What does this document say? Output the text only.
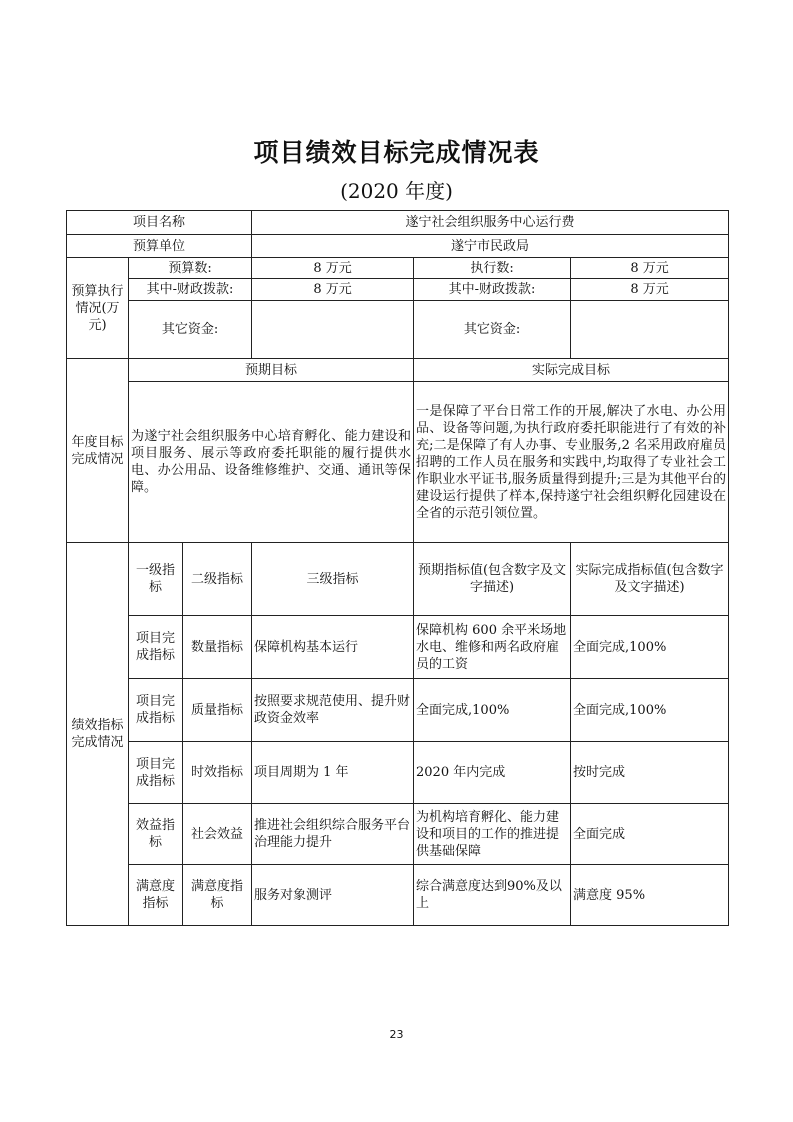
项目绩效目标完成情况表
(2020 年度)
项目名称			遂宁社会组织服务中心运行费		
预算单位			遂宁市民政局		
预算执行情况(万元)	预算数:		8 万元	执行数:	8 万元
	其中-财政拨款:		8 万元	其中-财政拨款:	8 万元
	其它资金:			其它资金:	
年度目标完成情况	预期目标			实际完成目标	
	为遂宁社会组织服务中心培育孵化、能力建设和项目服务、展示等政府委托职能的履行提供水电、办公用品、设备维修维护、交通、通讯等保障。			一是保障了平台日常工作的开展,解决了水电、办公用品、设备等问题,为执行政府委托职能进行了有效的补充;二是保障了有人办事、专业服务,2 名采用政府雇员招聘的工作人员在服务和实践中,均取得了专业社会工作职业水平证书,服务质量得到提升;三是为其他平台的建设运行提供了样本,保持遂宁社会组织孵化园建设在全省的示范引领位置。	
绩效指标完成情况	一级指标	二级指标	三级指标	预期指标值(包含数字及文字描述)	实际完成指标值(包含数字及文字描述)
	项目完成指标	数量指标	保障机构基本运行	保障机构 600 余平米场地水电、维修和两名政府雇员的工资	全面完成,100%
	项目完成指标	质量指标	按照要求规范使用、提升财政资金效率	全面完成,100%	全面完成,100%
	项目完成指标	时效指标	项目周期为 1 年	2020 年内完成	按时完成
	效益指标	社会效益	推进社会组织综合服务平台治理能力提升	为机构培育孵化、能力建设和项目的工作的推进提供基础保障	全面完成
	满意度指标	满意度指标	服务对象测评	综合满意度达到90%及以上	满意度 95%
23
